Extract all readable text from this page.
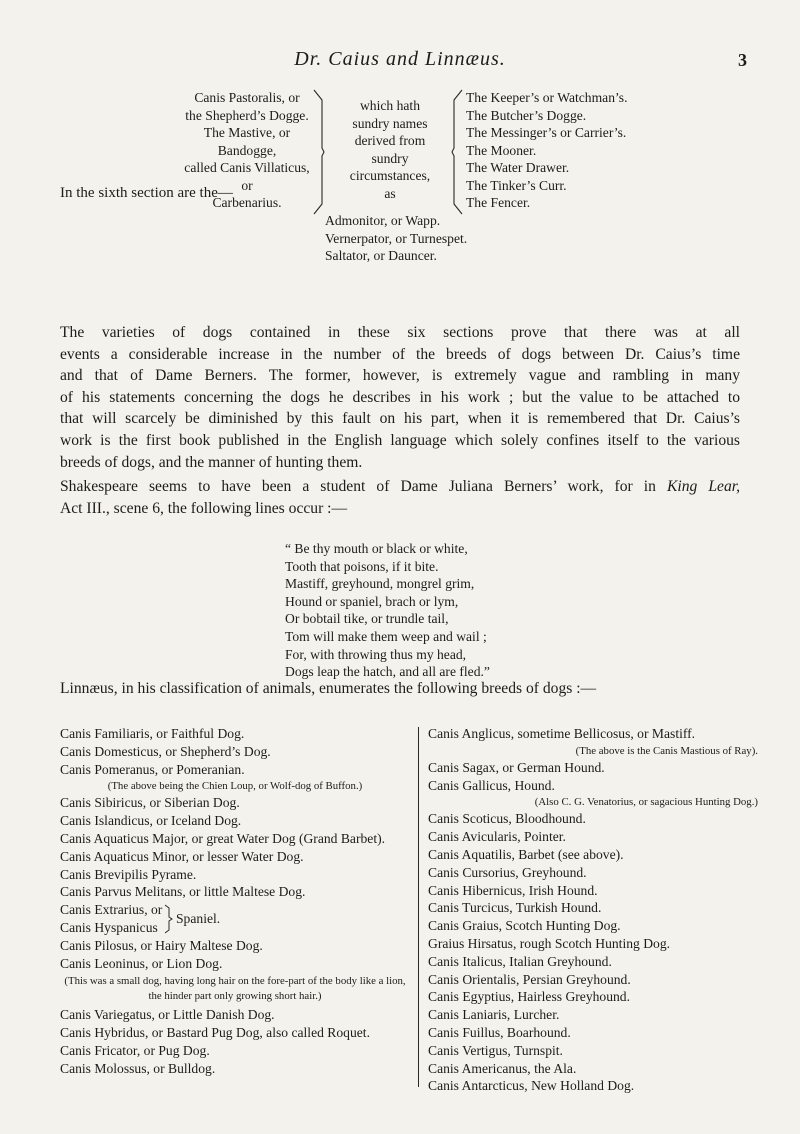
Dr. Caius and Linnæus.	3
Canis Pastoralis, or
the Shepherd’s Dogge.
The Mastive, or
Bandogge,
called Canis Villaticus,
or
Carbenarius.
which hath
sundry names
derived from
sundry
circumstances,
as
The Keeper’s or Watchman’s.
The Butcher’s Dogge.
The Messinger’s or Carrier’s.
The Mooner.
The Water Drawer.
The Tinker’s Curr.
The Fencer.
In the sixth section are the—
Admonitor, or Wapp.
Vernerpator, or Turnespet.
Saltator, or Dauncer.
The varieties of dogs contained in these six sections prove that there was at all
events a considerable increase in the number of the breeds of dogs between Dr. Caius’s time
and that of Dame Berners. The former, however, is extremely vague and rambling in many
of his statements concerning the dogs he describes in his work ; but the value to be attached to
that will scarcely be diminished by this fault on his part, when it is remembered that Dr. Caius’s
work is the first book published in the English language which solely confines itself to the various
breeds of dogs, and the manner of hunting them.
Shakespeare seems to have been a student of Dame Juliana Berners’ work, for in King Lear,
Act III., scene 6, the following lines occur :—
“ Be thy mouth or black or white,
Tooth that poisons, if it bite.
Mastiff, greyhound, mongrel grim,
Hound or spaniel, brach or lym,
Or bobtail tike, or trundle tail,
Tom will make them weep and wail ;
For, with throwing thus my head,
Dogs leap the hatch, and all are fled.”
Linnæus, in his classification of animals, enumerates the following breeds of dogs :—
Canis Familiaris, or Faithful Dog.
Canis Domesticus, or Shepherd’s Dog.
Canis Pomeranus, or Pomeranian.
(The above being the Chien Loup, or Wolf-dog of Buffon.)
Canis Sibiricus, or Siberian Dog.
Canis Islandicus, or Iceland Dog.
Canis Aquaticus Major, or great Water Dog (Grand Barbet).
Canis Aquaticus Minor, or lesser Water Dog.
Canis Brevipilis Pyrame.
Canis Parvus Melitans, or little Maltese Dog.
Canis Extrarius, or
Canis Hyspanicus
Spaniel.
Canis Pilosus, or Hairy Maltese Dog.
Canis Leoninus, or Lion Dog.
(This was a small dog, having long hair on the fore-part of the body like a lion, the hinder part only growing short hair.)
Canis Variegatus, or Little Danish Dog.
Canis Hybridus, or Bastard Pug Dog, also called Roquet.
Canis Fricator, or Pug Dog.
Canis Molossus, or Bulldog.
Canis Anglicus, sometime Bellicosus, or Mastiff.
(The above is the Canis Mastious of Ray).
Canis Sagax, or German Hound.
Canis Gallicus, Hound.
(Also C. G. Venatorius, or sagacious Hunting Dog.)
Canis Scoticus, Bloodhound.
Canis Avicularis, Pointer.
Canis Aquatilis, Barbet (see above).
Canis Cursorius, Greyhound.
Canis Hibernicus, Irish Hound.
Canis Turcicus, Turkish Hound.
Canis Graius, Scotch Hunting Dog.
Graius Hirsatus, rough Scotch Hunting Dog.
Canis Italicus, Italian Greyhound.
Canis Orientalis, Persian Greyhound.
Canis Egyptius, Hairless Greyhound.
Canis Laniaris, Lurcher.
Canis Fuillus, Boarhound.
Canis Vertigus, Turnspit.
Canis Americanus, the Ala.
Canis Antarcticus, New Holland Dog.
